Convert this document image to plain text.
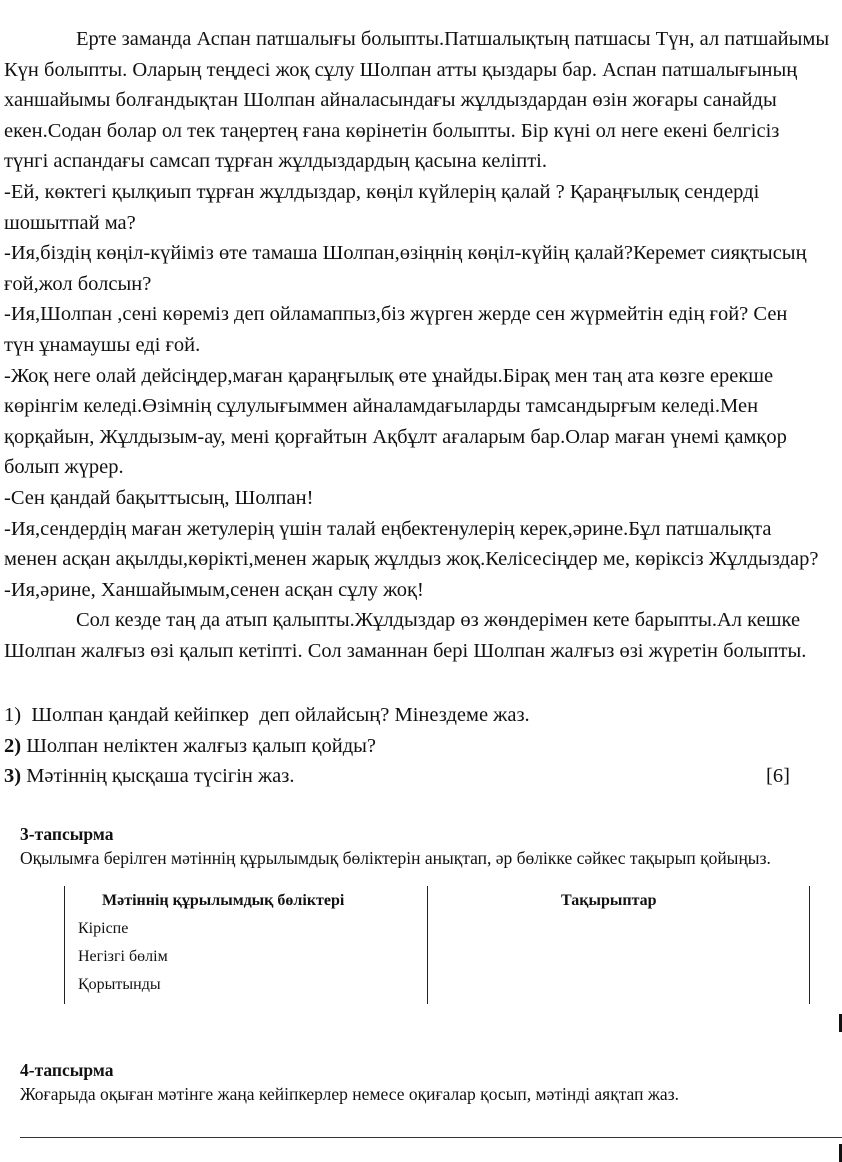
Ерте заманда Аспан патшалығы болыпты.Патшалықтың патшасы Түн, ал патшайымы
Күн болыпты. Оларың теңдесі жоқ сұлу Шолпан атты қыздары бар. Аспан патшалығының
ханшайымы болғандықтан Шолпан айналасындағы жұлдыздардан өзін жоғары санайды
екен.Содан болар ол тек таңертең ғана көрінетін болыпты. Бір күні ол неге екені белгісіз
түнгі аспандағы самсап тұрған жұлдыздардың қасына келіпті.
-Ей, көктегі қылқиып тұрған жұлдыздар, көңіл күйлерің қалай ? Қараңғылық сендерді
шошытпай ма?
-Ия,біздің көңіл-күйіміз өте тамаша Шолпан,өзіңнің көңіл-күйің қалай?Керемет сияқтысың
ғой,жол болсын?
-Ия,Шолпан ,сені көреміз деп ойламаппыз,біз жүрген жерде сен жүрмейтін едің ғой? Сен
түн ұнамаушы еді ғой.
-Жоқ неге олай дейсіңдер,маған қараңғылық өте ұнайды.Бірақ мен таң ата көзге ерекше
көрінгім келеді.Өзімнің сұлулығыммен айналамдағыларды тамсандырғым келеді.Мен
қорқайын, Жұлдызым-ау, мені қорғайтын Ақбұлт ағаларым бар.Олар маған үнемі қамқор
болып жүрер.
-Сен қандай бақыттысың, Шолпан!
-Ия,сендердің маған жетулерің үшін талай еңбектенулерің керек,әрине.Бұл патшалықта
менен асқан ақылды,көрікті,менен жарық жұлдыз жоқ.Келісесіңдер ме, көріксіз Жұлдыздар?
-Ия,әрине, Ханшайымым,сенен асқан сұлу жоқ!
Сол кезде таң да атып қалыпты.Жұлдыздар өз жөндерімен кете барыпты.Ал кешке
Шолпан жалғыз өзі қалып кетіпті. Сол заманнан бері Шолпан жалғыз өзі жүретін болыпты.
1)  Шолпан қандай кейіпкер  деп ойлайсың? Мінездеме жаз.
2) Шолпан неліктен жалғыз қалып қойды?
3) Мәтіннің қысқаша түсігін жаз.	[6]
3-тапсырма
Оқылымға берілген мәтіннің құрылымдық бөліктерін анықтап, әр бөлікке сәйкес тақырып қойыңыз.
Мәтіннің құрылымдық бөліктері	Тақырыптар
Кіріспе
Негізгі бөлім
Қорытынды
4-тапсырма
Жоғарыда оқыған мәтінге жаңа кейіпкерлер немесе оқиғалар қосып, мәтінді аяқтап жаз.
